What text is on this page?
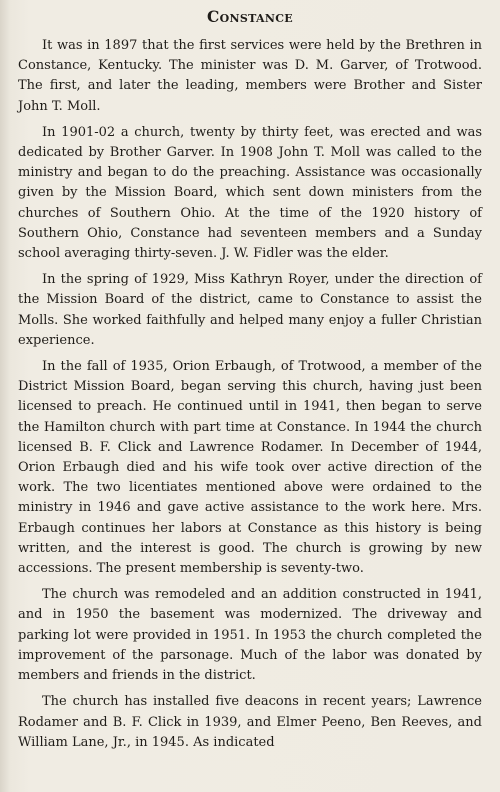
Constance

It was in 1897 that the first services were held by the Brethren in Constance, Kentucky. The minister was D. M. Garver, of Trotwood. The first, and later the leading, members were Brother and Sister John T. Moll.

In 1901-02 a church, twenty by thirty feet, was erected and was dedicated by Brother Garver. In 1908 John T. Moll was called to the ministry and began to do the preaching. Assistance was occasionally given by the Mission Board, which sent down ministers from the churches of Southern Ohio. At the time of the 1920 history of Southern Ohio, Constance had seventeen members and a Sunday school averaging thirty-seven. J. W. Fidler was the elder.

In the spring of 1929, Miss Kathryn Royer, under the direction of the Mission Board of the district, came to Constance to assist the Molls. She worked faithfully and helped many enjoy a fuller Christian experience.

In the fall of 1935, Orion Erbaugh, of Trotwood, a member of the District Mission Board, began serving this church, having just been licensed to preach. He continued until in 1941, then began to serve the Hamilton church with part time at Constance. In 1944 the church licensed B. F. Click and Lawrence Rodamer. In December of 1944, Orion Erbaugh died and his wife took over active direction of the work. The two licentiates mentioned above were ordained to the ministry in 1946 and gave active assistance to the work here. Mrs. Erbaugh continues her labors at Constance as this history is being written, and the interest is good. The church is growing by new accessions. The present membership is seventy-two.

The church was remodeled and an addition constructed in 1941, and in 1950 the basement was modernized. The driveway and parking lot were provided in 1951. In 1953 the church completed the improvement of the parsonage. Much of the labor was donated by members and friends in the district.

The church has installed five deacons in recent years; Lawrence Rodamer and B. F. Click in 1939, and Elmer Peeno, Ben Reeves, and William Lane, Jr., in 1945. As indicated
